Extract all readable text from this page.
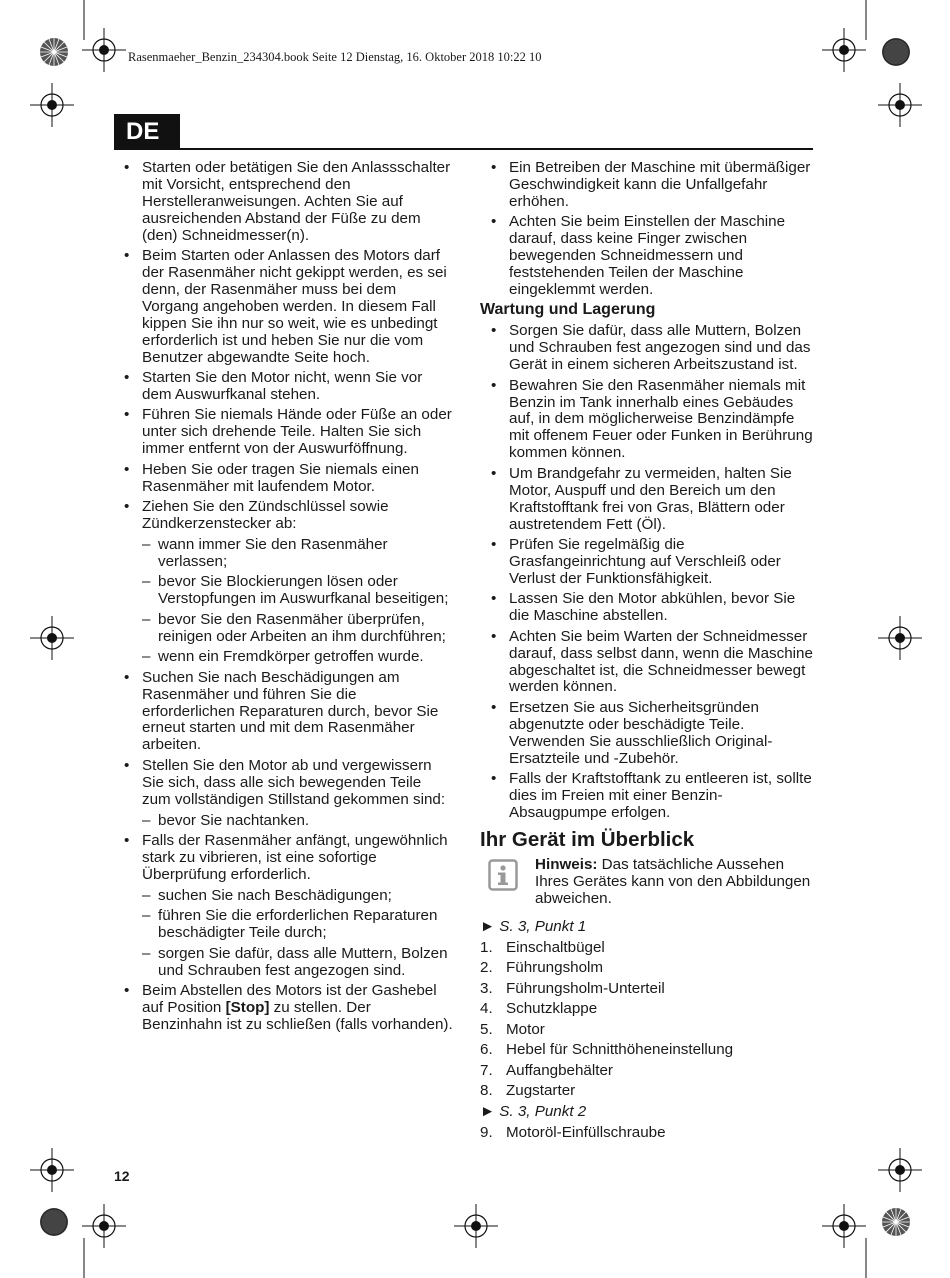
Rasenmaeher_Benzin_234304.book Seite 12 Dienstag, 16. Oktober 2018 10:22 10
DE
• Starten oder betätigen Sie den Anlassschalter mit Vorsicht, entsprechend den Herstelleranweisungen. Achten Sie auf ausreichenden Abstand der Füße zu dem (den) Schneidmesser(n).
• Beim Starten oder Anlassen des Motors darf der Rasenmäher nicht gekippt werden, es sei denn, der Rasenmäher muss bei dem Vorgang angehoben werden. In diesem Fall kippen Sie ihn nur so weit, wie es unbedingt erforderlich ist und heben Sie nur die vom Benutzer abgewandte Seite hoch.
• Starten Sie den Motor nicht, wenn Sie vor dem Auswurfkanal stehen.
• Führen Sie niemals Hände oder Füße an oder unter sich drehende Teile. Halten Sie sich immer entfernt von der Auswurföffnung.
• Heben Sie oder tragen Sie niemals einen Rasenmäher mit laufendem Motor.
• Ziehen Sie den Zündschlüssel sowie Zündkerzenstecker ab:
– wann immer Sie den Rasenmäher verlassen;
– bevor Sie Blockierungen lösen oder Verstopfungen im Auswurfkanal beseitigen;
– bevor Sie den Rasenmäher überprüfen, reinigen oder Arbeiten an ihm durchführen;
– wenn ein Fremdkörper getroffen wurde.
• Suchen Sie nach Beschädigungen am Rasenmäher und führen Sie die erforderlichen Reparaturen durch, bevor Sie erneut starten und mit dem Rasenmäher arbeiten.
• Stellen Sie den Motor ab und vergewissern Sie sich, dass alle sich bewegenden Teile zum vollständigen Stillstand gekommen sind:
– bevor Sie nachtanken.
• Falls der Rasenmäher anfängt, ungewöhnlich stark zu vibrieren, ist eine sofortige Überprüfung erforderlich.
– suchen Sie nach Beschädigungen;
– führen Sie die erforderlichen Reparaturen beschädigter Teile durch;
– sorgen Sie dafür, dass alle Muttern, Bolzen und Schrauben fest angezogen sind.
• Beim Abstellen des Motors ist der Gashebel auf Position [Stop] zu stellen. Der Benzinhahn ist zu schließen (falls vorhanden).
• Ein Betreiben der Maschine mit übermäßiger Geschwindigkeit kann die Unfallgefahr erhöhen.
• Achten Sie beim Einstellen der Maschine darauf, dass keine Finger zwischen bewegenden Schneidmessern und feststehenden Teilen der Maschine eingeklemmt werden.
Wartung und Lagerung
• Sorgen Sie dafür, dass alle Muttern, Bolzen und Schrauben fest angezogen sind und das Gerät in einem sicheren Arbeitszustand ist.
• Bewahren Sie den Rasenmäher niemals mit Benzin im Tank innerhalb eines Gebäudes auf, in dem möglicherweise Benzindämpfe mit offenem Feuer oder Funken in Berührung kommen können.
• Um Brandgefahr zu vermeiden, halten Sie Motor, Auspuff und den Bereich um den Kraftstofftank frei von Gras, Blättern oder austretendem Fett (Öl).
• Prüfen Sie regelmäßig die Grasfangeinrichtung auf Verschleiß oder Verlust der Funktionsfähigkeit.
• Lassen Sie den Motor abkühlen, bevor Sie die Maschine abstellen.
• Achten Sie beim Warten der Schneidmesser darauf, dass selbst dann, wenn die Maschine abgeschaltet ist, die Schneidmesser bewegt werden können.
• Ersetzen Sie aus Sicherheitsgründen abgenutzte oder beschädigte Teile. Verwenden Sie ausschließlich Original-Ersatzteile und -Zubehör.
• Falls der Kraftstofftank zu entleeren ist, sollte dies im Freien mit einer Benzin-Absaugpumpe erfolgen.
Ihr Gerät im Überblick
Hinweis: Das tatsächliche Aussehen Ihres Gerätes kann von den Abbildungen abweichen.
► S. 3, Punkt 1
1. Einschaltbügel
2. Führungsholm
3. Führungsholm-Unterteil
4. Schutzklappe
5. Motor
6. Hebel für Schnitthöheneinstellung
7. Auffangbehälter
8. Zugstarter
► S. 3, Punkt 2
9. Motoröl-Einfüllschraube
12
